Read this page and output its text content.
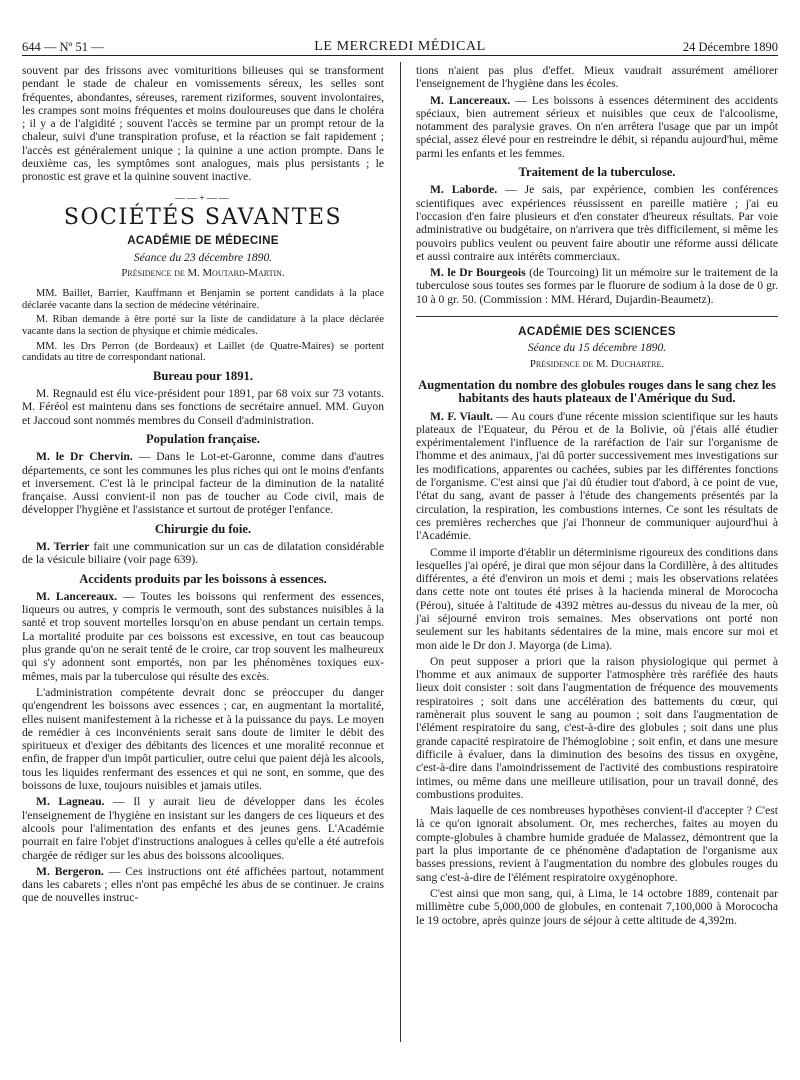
644 — Nº 51 —	LE MERCREDI MÉDICAL	24 Décembre 1890

souvent par des frissons avec vomituritions bilieuses qui se transforment pendant le stade de chaleur en vomissements séreux, les selles sont fréquentes, abondantes, séreuses, rarement riziformes, souvent involontaires, les crampes sont moins fréquentes et moins douloureuses que dans le choléra ; il y a de l'algidité ; souvent l'accès se termine par un prompt retour de la chaleur, suivi d'une transpiration profuse, et la réaction se fait rapidement ; l'accès est généralement unique ; la quinine a une action prompte. Dans le deuxième cas, les symptômes sont analogues, mais plus persistants ; le pronostic est grave et la quinine souvent inactive.

——+——
SOCIÉTÉS SAVANTES
ACADÉMIE DE MÉDECINE
Séance du 23 décembre 1890.
Présidence de M. Moutard-Martin.

MM. Baillet, Barrier, Kauffmann et Benjamin se portent candidats à la place déclarée vacante dans la section de médecine vétérinaire.

M. Riban demande à être porté sur la liste de candidature à la place déclarée vacante dans la section de physique et chimie médicales.

MM. les Drs Perron (de Bordeaux) et Laillet (de Quatre-Maires) se portent candidats au titre de correspondant national.

Bureau pour 1891.

M. Regnauld est élu vice-président pour 1891, par 68 voix sur 73 votants. M. Féréol est maintenu dans ses fonctions de secrétaire annuel. MM. Guyon et Jaccoud sont nommés membres du Conseil d'administration.

Population française.

M. le Dr Chervin. — Dans le Lot-et-Garonne, comme dans d'autres départements, ce sont les communes les plus riches qui ont le moins d'enfants et inversement. C'est là le principal facteur de la diminution de la natalité française. Aussi convient-il non pas de toucher au Code civil, mais de développer l'hygiène et l'assistance et surtout de protéger l'enfance.

Chirurgie du foie.

M. Terrier fait une communication sur un cas de dilatation considérable de la vésicule biliaire (voir page 639).

Accidents produits par les boissons à essences.

M. Lancereaux. — Toutes les boissons qui renferment des essences, liqueurs ou autres, y compris le vermouth, sont des substances nuisibles à la santé et trop souvent mortelles lorsqu'on en abuse pendant un certain temps. La mortalité produite par ces boissons est excessive, en tout cas beaucoup plus grande qu'on ne serait tenté de le croire, car trop souvent les malheureux qui s'y adonnent sont emportés, non par les phénomènes toxiques eux-mêmes, mais par la tuberculose qui résulte des excès.

L'administration compétente devrait donc se préoccuper du danger qu'engendrent les boissons avec essences ; car, en augmentant la mortalité, elles nuisent manifestement à la richesse et à la puissance du pays. Le moyen de remédier à ces inconvénients serait sans doute de limiter le débit des spiritueux et d'exiger des débitants des licences et une moralité reconnue et enfin, de frapper d'un impôt particulier, outre celui que paient déjà les alcools, tous les liquides renfermant des essences et qui ne sont, en somme, que des boissons de luxe, toujours nuisibles et jamais utiles.

M. Lagneau. — Il y aurait lieu de développer dans les écoles l'enseignement de l'hygiène en insistant sur les dangers de ces liqueurs et des alcools pour l'alimentation des enfants et des jeunes gens. L'Académie pourrait en faire l'objet d'instructions analogues à celles qu'elle a été autrefois chargée de rédiger sur les abus des boissons alcooliques.

M. Bergeron. — Ces instructions ont été affichées partout, notamment dans les cabarets ; elles n'ont pas empêché les abus de se continuer. Je crains que de nouvelles instruc-

tions n'aient pas plus d'effet. Mieux vaudrait assurément améliorer l'enseignement de l'hygiène dans les écoles.

M. Lancereaux. — Les boissons à essences déterminent des accidents spéciaux, bien autrement sérieux et nuisibles que ceux de l'alcoolisme, notamment des paralysie graves. On n'en arrêtera l'usage que par un impôt spécial, assez élevé pour en restreindre le débit, si répandu aujourd'hui, même parmi les enfants et les femmes.

Traitement de la tuberculose.

M. Laborde. — Je sais, par expérience, combien les conférences scientifiques avec expériences réussissent en pareille matière ; j'ai eu l'occasion d'en faire plusieurs et d'en constater d'heureux résultats. Par voie administrative ou budgétaire, on n'arrivera que très difficilement, si même les pouvoirs publics veulent ou peuvent faire aboutir une réforme aussi délicate et aussi contraire aux intérêts commerciaux.

M. le Dr Bourgeois (de Tourcoing) lit un mémoire sur le traitement de la tuberculose sous toutes ses formes par le fluorure de sodium à la dose de 0 gr. 10 à 0 gr. 50. (Commission : MM. Hérard, Dujardin-Beaumetz).

ACADÉMIE DES SCIENCES
Séance du 15 décembre 1890.
Présidence de M. Duchartre.
Augmentation du nombre des globules rouges dans le sang chez les habitants des hauts plateaux de l'Amérique du Sud.

M. F. Viault. — Au cours d'une récente mission scientifique sur les hauts plateaux de l'Equateur, du Pérou et de la Bolivie, où j'étais allé étudier expérimentalement l'influence de la raréfaction de l'air sur l'organisme de l'homme et des animaux, j'ai dû porter successivement mes investigations sur les modifications, apparentes ou cachées, subies par les différentes fonctions de l'organisme. C'est ainsi que j'ai dû étudier tout d'abord, à ce point de vue, l'état du sang, avant de passer à l'étude des changements présentés par la circulation, la respiration, les combustions internes. Ce sont les résultats de ces premières recherches que j'ai l'honneur de communiquer aujourd'hui à l'Académie.

Comme il importe d'établir un déterminisme rigoureux des conditions dans lesquelles j'ai opéré, je dirai que mon séjour dans la Cordillère, à des altitudes différentes, a été d'environ un mois et demi ; mais les observations relatées dans cette note ont toutes été prises à la hacienda mineral de Morococha (Pérou), située à l'altitude de 4392 mètres au-dessus du niveau de la mer, où j'ai séjourné environ trois semaines. Mes observations ont porté non seulement sur les habitants sédentaires de la mine, mais encore sur moi et mon aide le Dr don J. Mayorga (de Lima).

On peut supposer a priori que la raison physiologique qui permet à l'homme et aux animaux de supporter l'atmosphère très raréfiée des hauts lieux doit consister : soit dans l'augmentation de fréquence des mouvements respiratoires ; soit dans une accélération des battements du cœur, qui ramènerait plus souvent le sang au poumon ; soit dans l'augmentation de l'élément respiratoire du sang, c'est-à-dire des globules ; soit dans une plus grande capacité respiratoire de l'hémoglobine ; soit enfin, et dans une mesure difficile à évaluer, dans la diminution des besoins des tissus en oxygène, c'est-à-dire dans l'amoindrissement de l'activité des combustions respiratoire intimes, ou même dans une meilleure utilisation, pour un travail donné, des combustions produites.

Mais laquelle de ces nombreuses hypothèses convient-il d'accepter ? C'est là ce qu'on ignorait absolument. Or, mes recherches, faites au moyen du compte-globules à chambre humide graduée de Malassez, démontrent que la part la plus importante de ce phénomène d'adaptation de l'organisme aux basses pressions, revient à l'augmentation du nombre des globules rouges du sang c'est-à-dire de l'élément respiratoire oxygénophore.

C'est ainsi que mon sang, qui, à Lima, le 14 octobre 1889, contenait par millimètre cube 5,000,000 de globules, en contenait 7,100,000 à Morococha le 19 octobre, après quinze jours de séjour à cette altitude de 4,392m.
